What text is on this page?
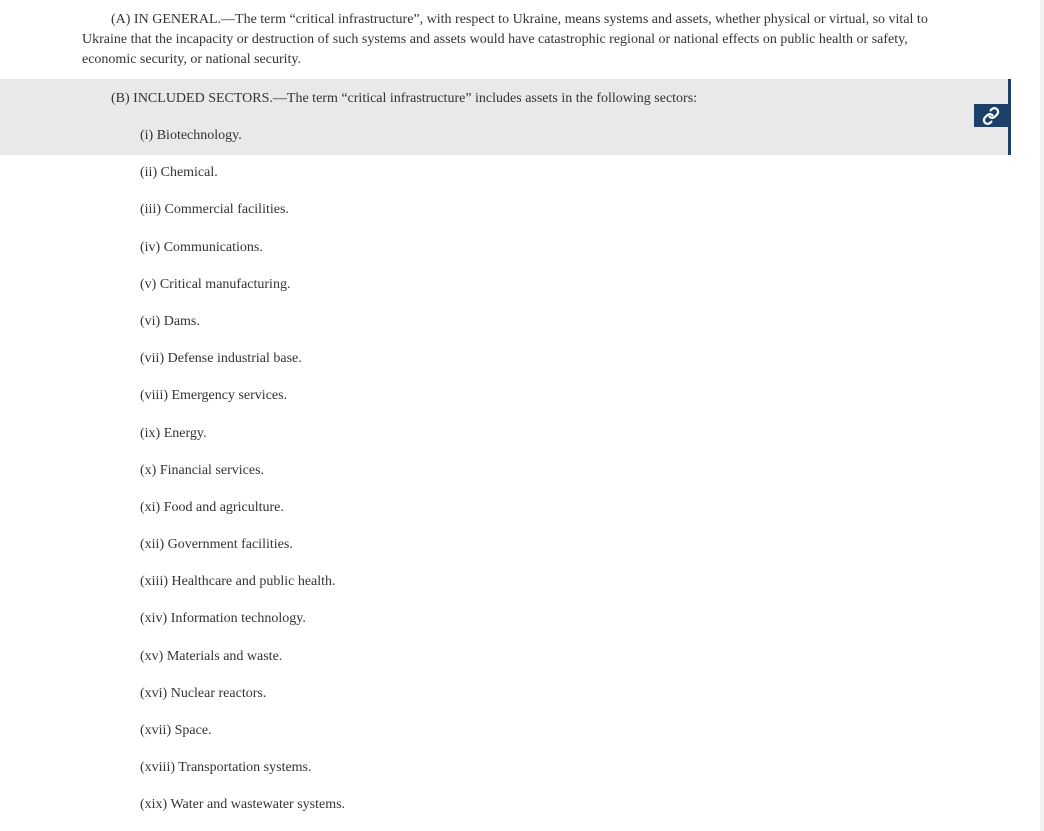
(A) IN GENERAL.—The term “critical infrastructure”, with respect to Ukraine, means systems and assets, whether physical or virtual, so vital to Ukraine that the incapacity or destruction of such systems and assets would have catastrophic regional or national effects on public health or safety, economic security, or national security.
(B) INCLUDED SECTORS.—The term “critical infrastructure” includes assets in the following sectors:
(i) Biotechnology.
(ii) Chemical.
(iii) Commercial facilities.
(iv) Communications.
(v) Critical manufacturing.
(vi) Dams.
(vii) Defense industrial base.
(viii) Emergency services.
(ix) Energy.
(x) Financial services.
(xi) Food and agriculture.
(xii) Government facilities.
(xiii) Healthcare and public health.
(xiv) Information technology.
(xv) Materials and waste.
(xvi) Nuclear reactors.
(xvii) Space.
(xviii) Transportation systems.
(xix) Water and wastewater systems.
